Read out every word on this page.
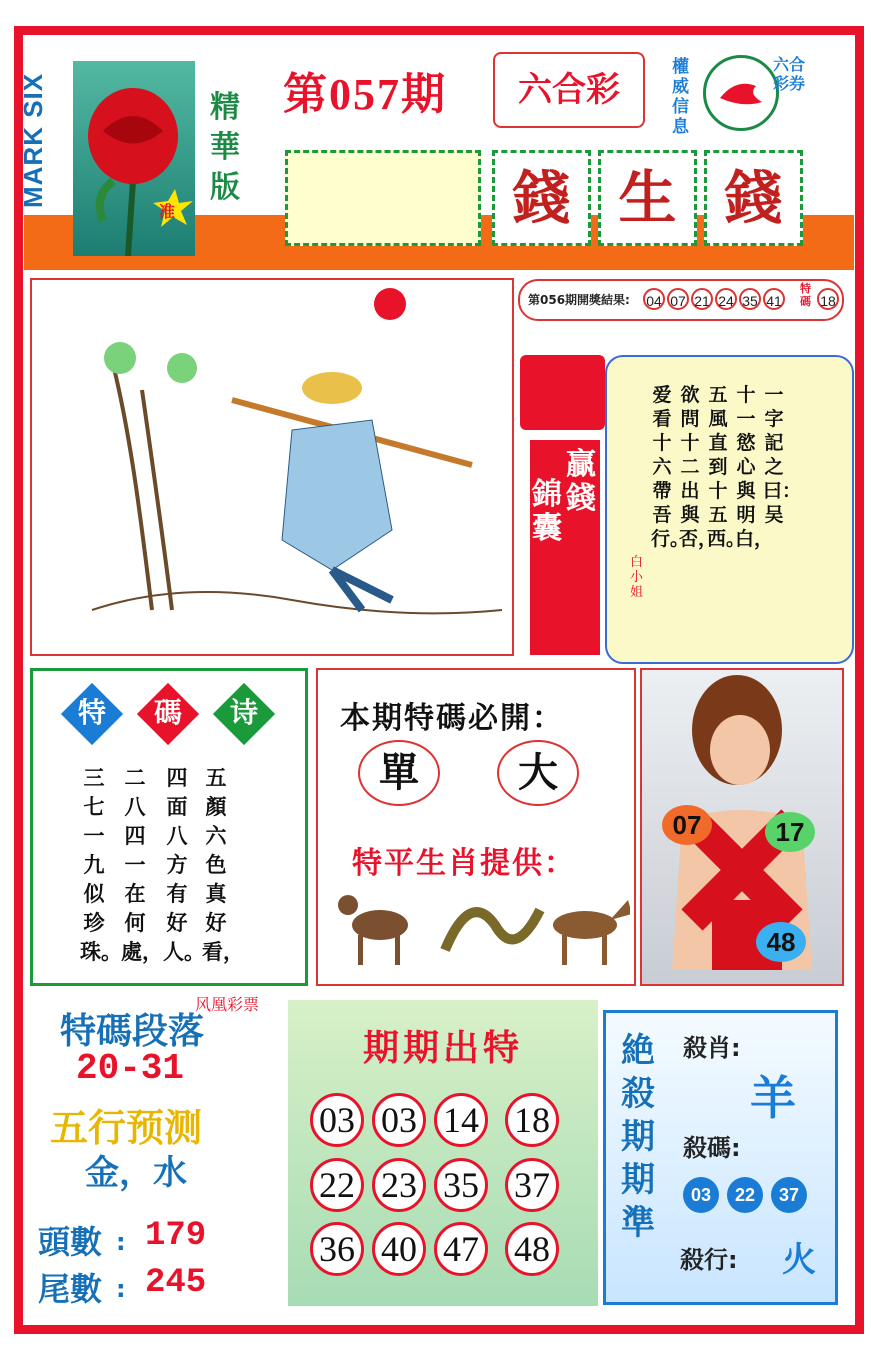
MARK SIX
准
精華版
第057期	六合彩
權威信息
六合彩券
錢 生 錢
第056期開獎結果: 04 07 21 24 35 41
特碼 18
贏錢
錦囊
一字記之曰：吴
十一慾心與明白，
五風直到十五西。
欲問十二出與否，
爱看十六帶吾行。
白小姐
特	碼	诗
五顏六色真好看，
四面八方有好人。
二八四一在何處，
三七一九似珍珠。
本期特碼必開：
單	大
特平生肖提供：
07	17
48
风凰彩票
特碼段落
20-31
五行预测
金，水
頭數 : 179
尾數 : 245
期期出特
03 03 14 18
22 23 35 37
36 40 47 48
絶殺期期準
殺肖:
羊
殺碼:
03	22	37
殺行: 火
